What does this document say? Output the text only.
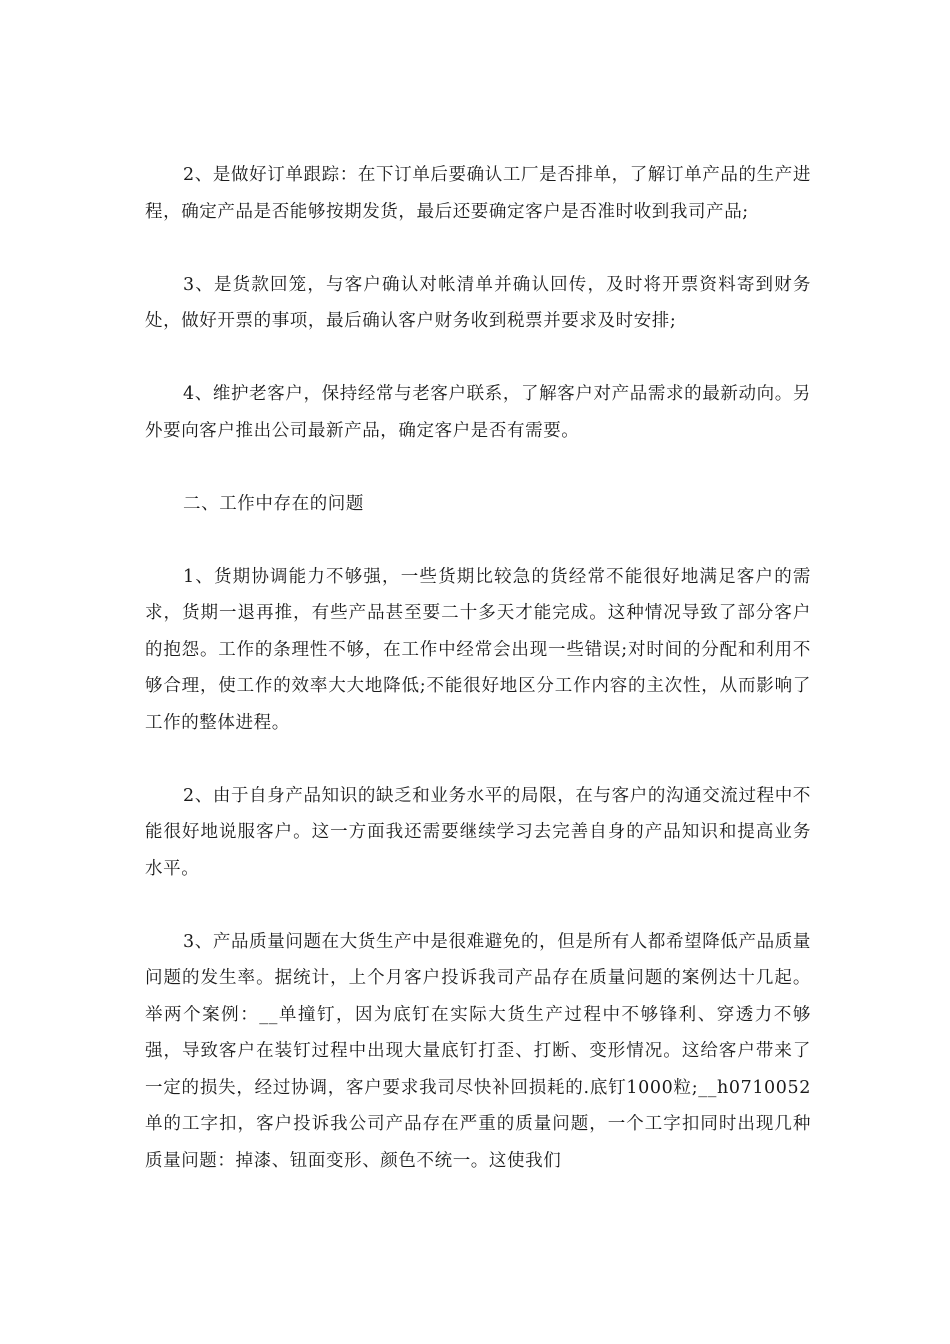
2、是做好订单跟踪：在下订单后要确认工厂是否排单，了解订单产品的生产进程，确定产品是否能够按期发货，最后还要确定客户是否准时收到我司产品;

3、是货款回笼，与客户确认对帐清单并确认回传，及时将开票资料寄到财务处，做好开票的事项，最后确认客户财务收到税票并要求及时安排;

4、维护老客户，保持经常与老客户联系，了解客户对产品需求的最新动向。另外要向客户推出公司最新产品，确定客户是否有需要。

二、工作中存在的问题

1、货期协调能力不够强，一些货期比较急的货经常不能很好地满足客户的需求，货期一退再推，有些产品甚至要二十多天才能完成。这种情况导致了部分客户的抱怨。工作的条理性不够，在工作中经常会出现一些错误;对时间的分配和利用不够合理，使工作的效率大大地降低;不能很好地区分工作内容的主次性，从而影响了工作的整体进程。

2、由于自身产品知识的缺乏和业务水平的局限，在与客户的沟通交流过程中不能很好地说服客户。这一方面我还需要继续学习去完善自身的产品知识和提高业务水平。

3、产品质量问题在大货生产中是很难避免的，但是所有人都希望降低产品质量问题的发生率。据统计，上个月客户投诉我司产品存在质量问题的案例达十几起。举两个案例：__单撞钉，因为底钉在实际大货生产过程中不够锋利、穿透力不够强，导致客户在装钉过程中出现大量底钉打歪、打断、变形情况。这给客户带来了一定的损失，经过协调，客户要求我司尽快补回损耗的.底钉1000粒;__h0710052单的工字扣，客户投诉我公司产品存在严重的质量问题，一个工字扣同时出现几种质量问题：掉漆、钮面变形、颜色不统一。这使我们
